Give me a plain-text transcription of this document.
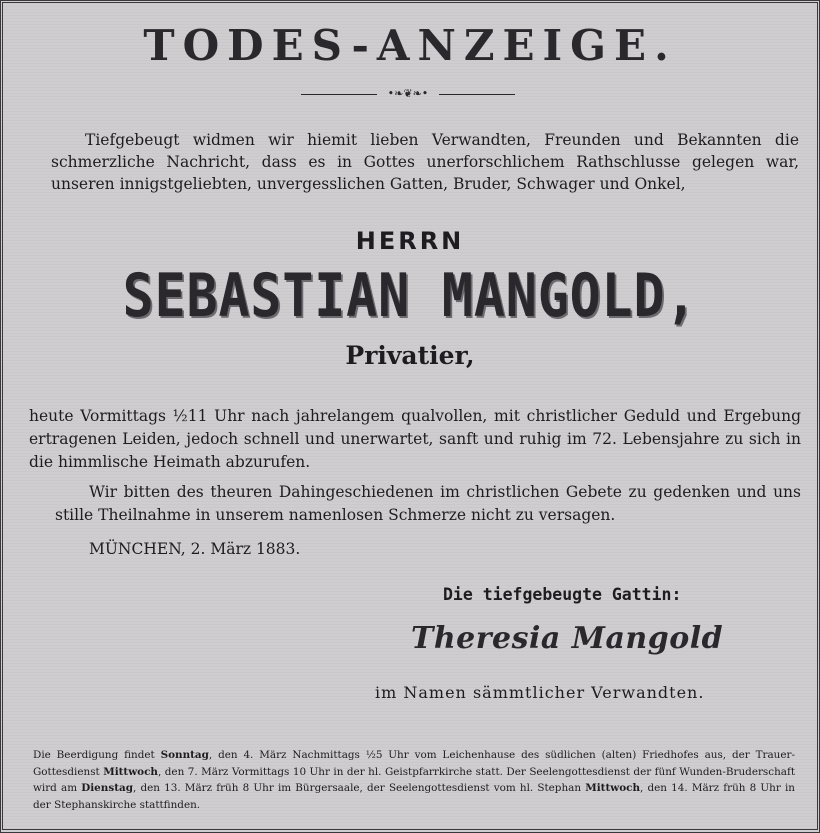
TODES-ANZEIGE.
•❧❦❧•
Tiefgebeugt widmen wir hiemit lieben Verwandten, Freunden und Bekannten die schmerzliche Nachricht, dass es in Gottes unerforschlichem Rathschlusse gelegen war, unseren innigstgeliebten, unvergesslichen Gatten, Bruder, Schwager und Onkel,
HERRN
SEBASTIAN MANGOLD,
Privatier,
heute Vormittags ½11 Uhr nach jahrelangem qualvollen, mit christlicher Geduld und Ergebung ertragenen Leiden, jedoch schnell und unerwartet, sanft und ruhig im 72. Lebensjahre zu sich in die himmlische Heimath abzurufen.
Wir bitten des theuren Dahingeschiedenen im christlichen Gebete zu gedenken und uns stille Theilnahme in unserem namenlosen Schmerze nicht zu versagen.
MÜNCHEN, 2. März 1883.
Die tiefgebeugte Gattin:
Theresia Mangold
im Namen sämmtlicher Verwandten.
Die Beerdigung findet Sonntag, den 4. März Nachmittags ½5 Uhr vom Leichenhause des südlichen (alten) Friedhofes aus, der Trauer-Gottesdienst Mittwoch, den 7. März Vormittags 10 Uhr in der hl. Geistpfarrkirche statt. Der Seelengottesdienst der fünf Wunden-Bruderschaft wird am Dienstag, den 13. März früh 8 Uhr im Bürgersaale, der Seelengottesdienst vom hl. Stephan Mittwoch, den 14. März früh 8 Uhr in der Stephanskirche stattfinden.
